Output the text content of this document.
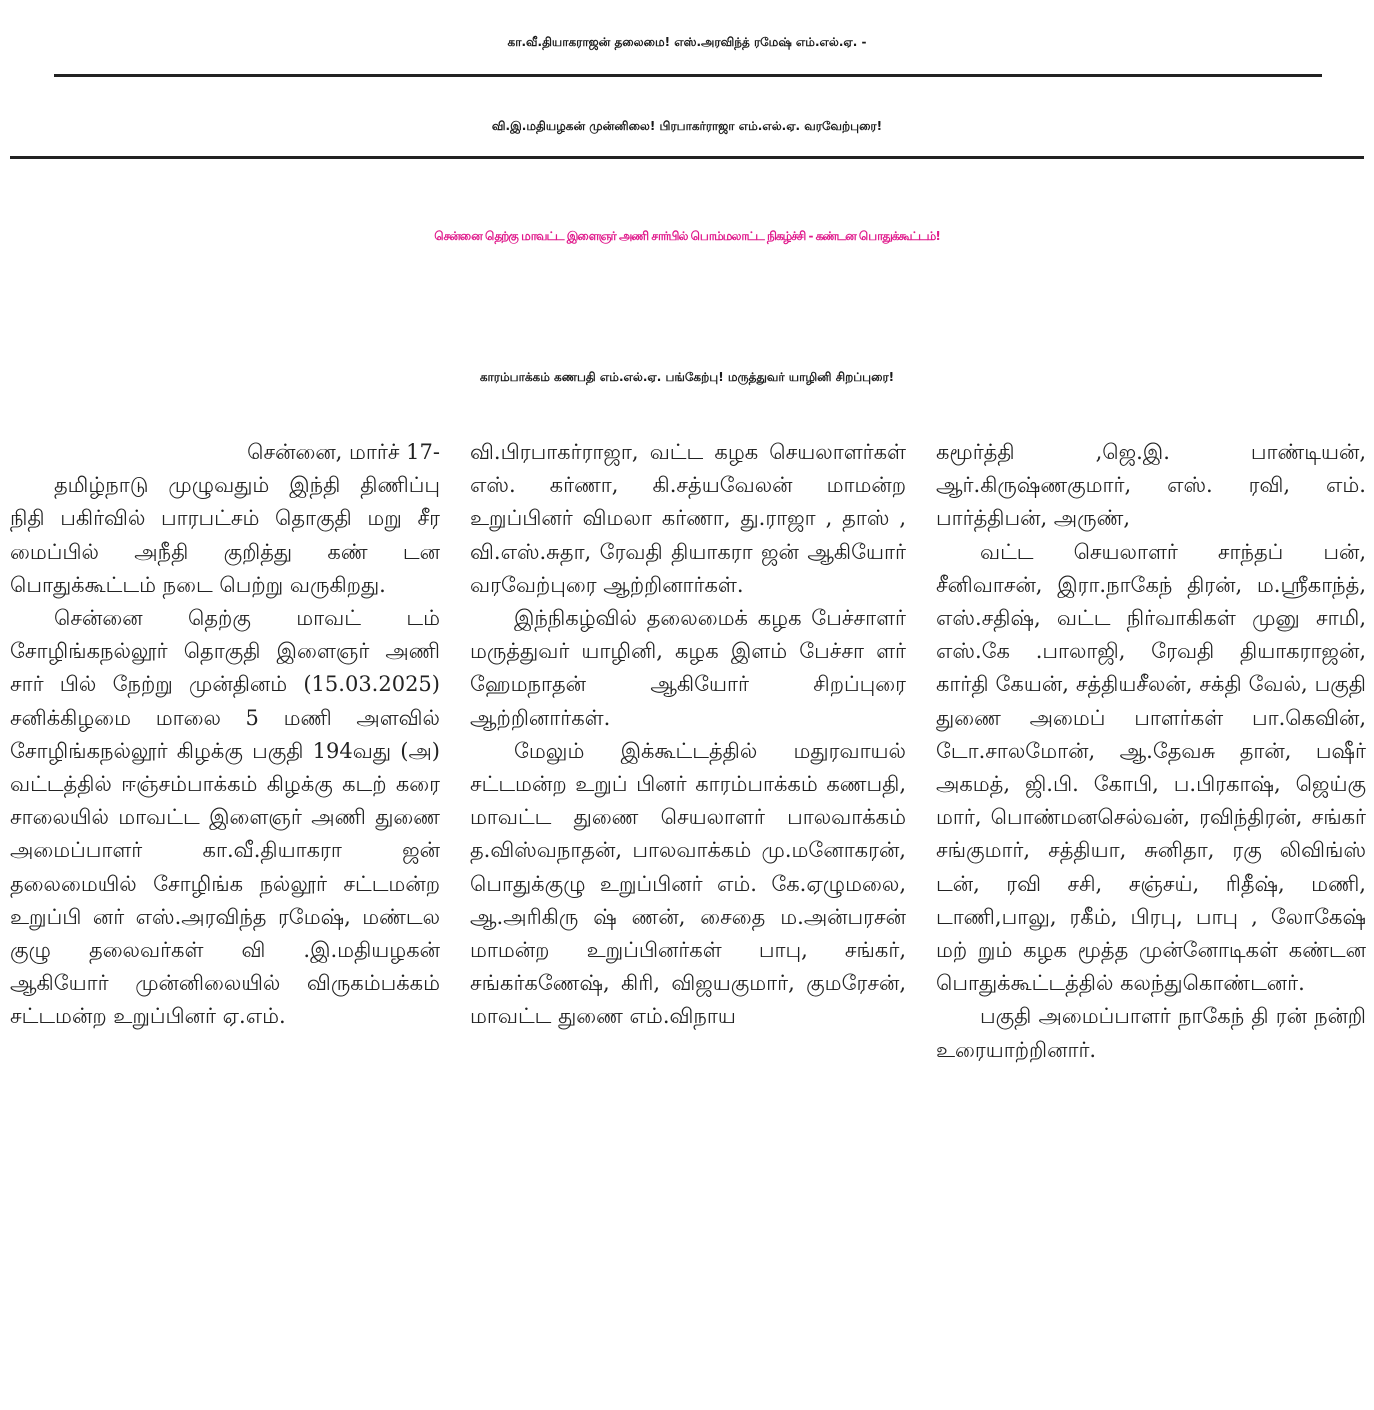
கா.வீ.தியாகராஜன் தலைமை! எஸ்.அரவிந்த் ரமேஷ் எம்.எல்.ஏ. -
வி.இ.மதியழகன் முன்னிலை! பிரபாகர்ராஜா எம்.எல்.ஏ. வரவேற்புரை!
சென்னை தெற்கு மாவட்ட இளைஞர் அணி சார்பில் பொம்மலாட்ட நிகழ்ச்சி - கண்டன பொதுக்கூட்டம்!
காரம்பாக்கம் கணபதி எம்.எல்.ஏ. பங்கேற்பு! மருத்துவர் யாழினி சிறப்புரை!

சென்னை, மார்ச் 17-

தமிழ்நாடு முழுவதும் இந்தி திணிப்பு நிதி பகிர்வில் பாரபட்சம் தொகுதி மறு சீர மைப்பில் அநீதி குறித்து கண் டன பொதுக்கூட்டம் நடை பெற்று வருகிறது.

சென்னை தெற்கு மாவட் டம் சோழிங்கநல்லூர் தொகுதி இளைஞர் அணி சார் பில் நேற்று முன்தினம் (15.03.2025) சனிக்கிழமை மாலை 5 மணி அளவில் சோழிங்கநல்லூர் கிழக்கு பகுதி 194வது (அ) வட்டத்தில் ஈஞ்சம்பாக்கம் கிழக்கு கடற் கரை சாலையில் மாவட்ட இளைஞர் அணி துணை அமைப்பாளர் கா.வீ.தியாகரா ஜன் தலைமையில் சோழிங்க நல்லூர் சட்டமன்ற உறுப்பி னர் எஸ்.அரவிந்த ரமேஷ், மண்டல குழு தலைவர்கள் வி .இ.மதியழகன் ஆகியோர் முன்னிலையில் விருகம்பக்கம் சட்டமன்ற உறுப்பினர் ஏ.எம்.

வி.பிரபாகர்ராஜா, வட்ட கழக செயலாளர்கள் எஸ். கர்ணா, கி.சத்யவேலன் மாமன்ற உறுப்பினர் விமலா கர்ணா, து.ராஜா , தாஸ் , வி.எஸ்.சுதா, ரேவதி தியாகரா ஜன் ஆகியோர் வரவேற்புரை ஆற்றினார்கள்.

இந்நிகழ்வில் தலைமைக் கழக பேச்சாளர் மருத்துவர் யாழினி, கழக இளம் பேச்சா ளர் ஹேமநாதன் ஆகியோர் சிறப்புரை ஆற்றினார்கள்.

மேலும் இக்கூட்டத்தில் மதுரவாயல் சட்டமன்ற உறுப் பினர் காரம்பாக்கம் கணபதி, மாவட்ட துணை செயலாளர் பாலவாக்கம் த.விஸ்வநாதன், பாலவாக்கம் மு.மனோகரன், பொதுக்குழு உறுப்பினர் எம். கே.ஏழுமலை, ஆ.அரிகிரு ஷ் ணன், சைதை ம.அன்பரசன் மாமன்ற உறுப்பினர்கள் பாபு, சங்கர், சங்கர்கணேஷ், கிரி, விஜயகுமார், குமரேசன், மாவட்ட துணை எம்.விநாய

கமூர்த்தி ,ஜெ.இ. பாண்டியன், ஆர்.கிருஷ்ணகுமார், எஸ். ரவி, எம். பார்த்திபன், அருண்,

வட்ட செயலாளர் சாந்தப் பன், சீனிவாசன், இரா.நாகேந் திரன், ம.ஸ்ரீகாந்த், எஸ்.சதிஷ், வட்ட நிர்வாகிகள் முனு சாமி, எஸ்.கே .பாலாஜி, ரேவதி தியாகராஜன், கார்தி கேயன், சத்தியசீலன், சக்தி வேல், பகுதி துணை அமைப் பாளர்கள் பா.கெவின், டோ.சாலமோன், ஆ.தேவசு தான், பஷீர் அகமத், ஜி.பி. கோபி, ப.பிரகாஷ், ஜெய்கு மார், பொண்மனசெல்வன், ரவிந்திரன், சங்கர் சங்குமார், சத்தியா, சுனிதா, ரகு லிவிங்ஸ் டன், ரவி சசி, சஞ்சய், ரிதீஷ், மணி, டாணி,பாலு, ரகீம், பிரபு, பாபு , லோகேஷ் மற் றும் கழக மூத்த முன்னோடிகள் கண்டன பொதுக்கூட்டத்தில் கலந்துகொண்டனர்.

பகுதி அமைப்பாளர் நாகேந் தி ரன் நன்றி உரையாற்றினார்.
